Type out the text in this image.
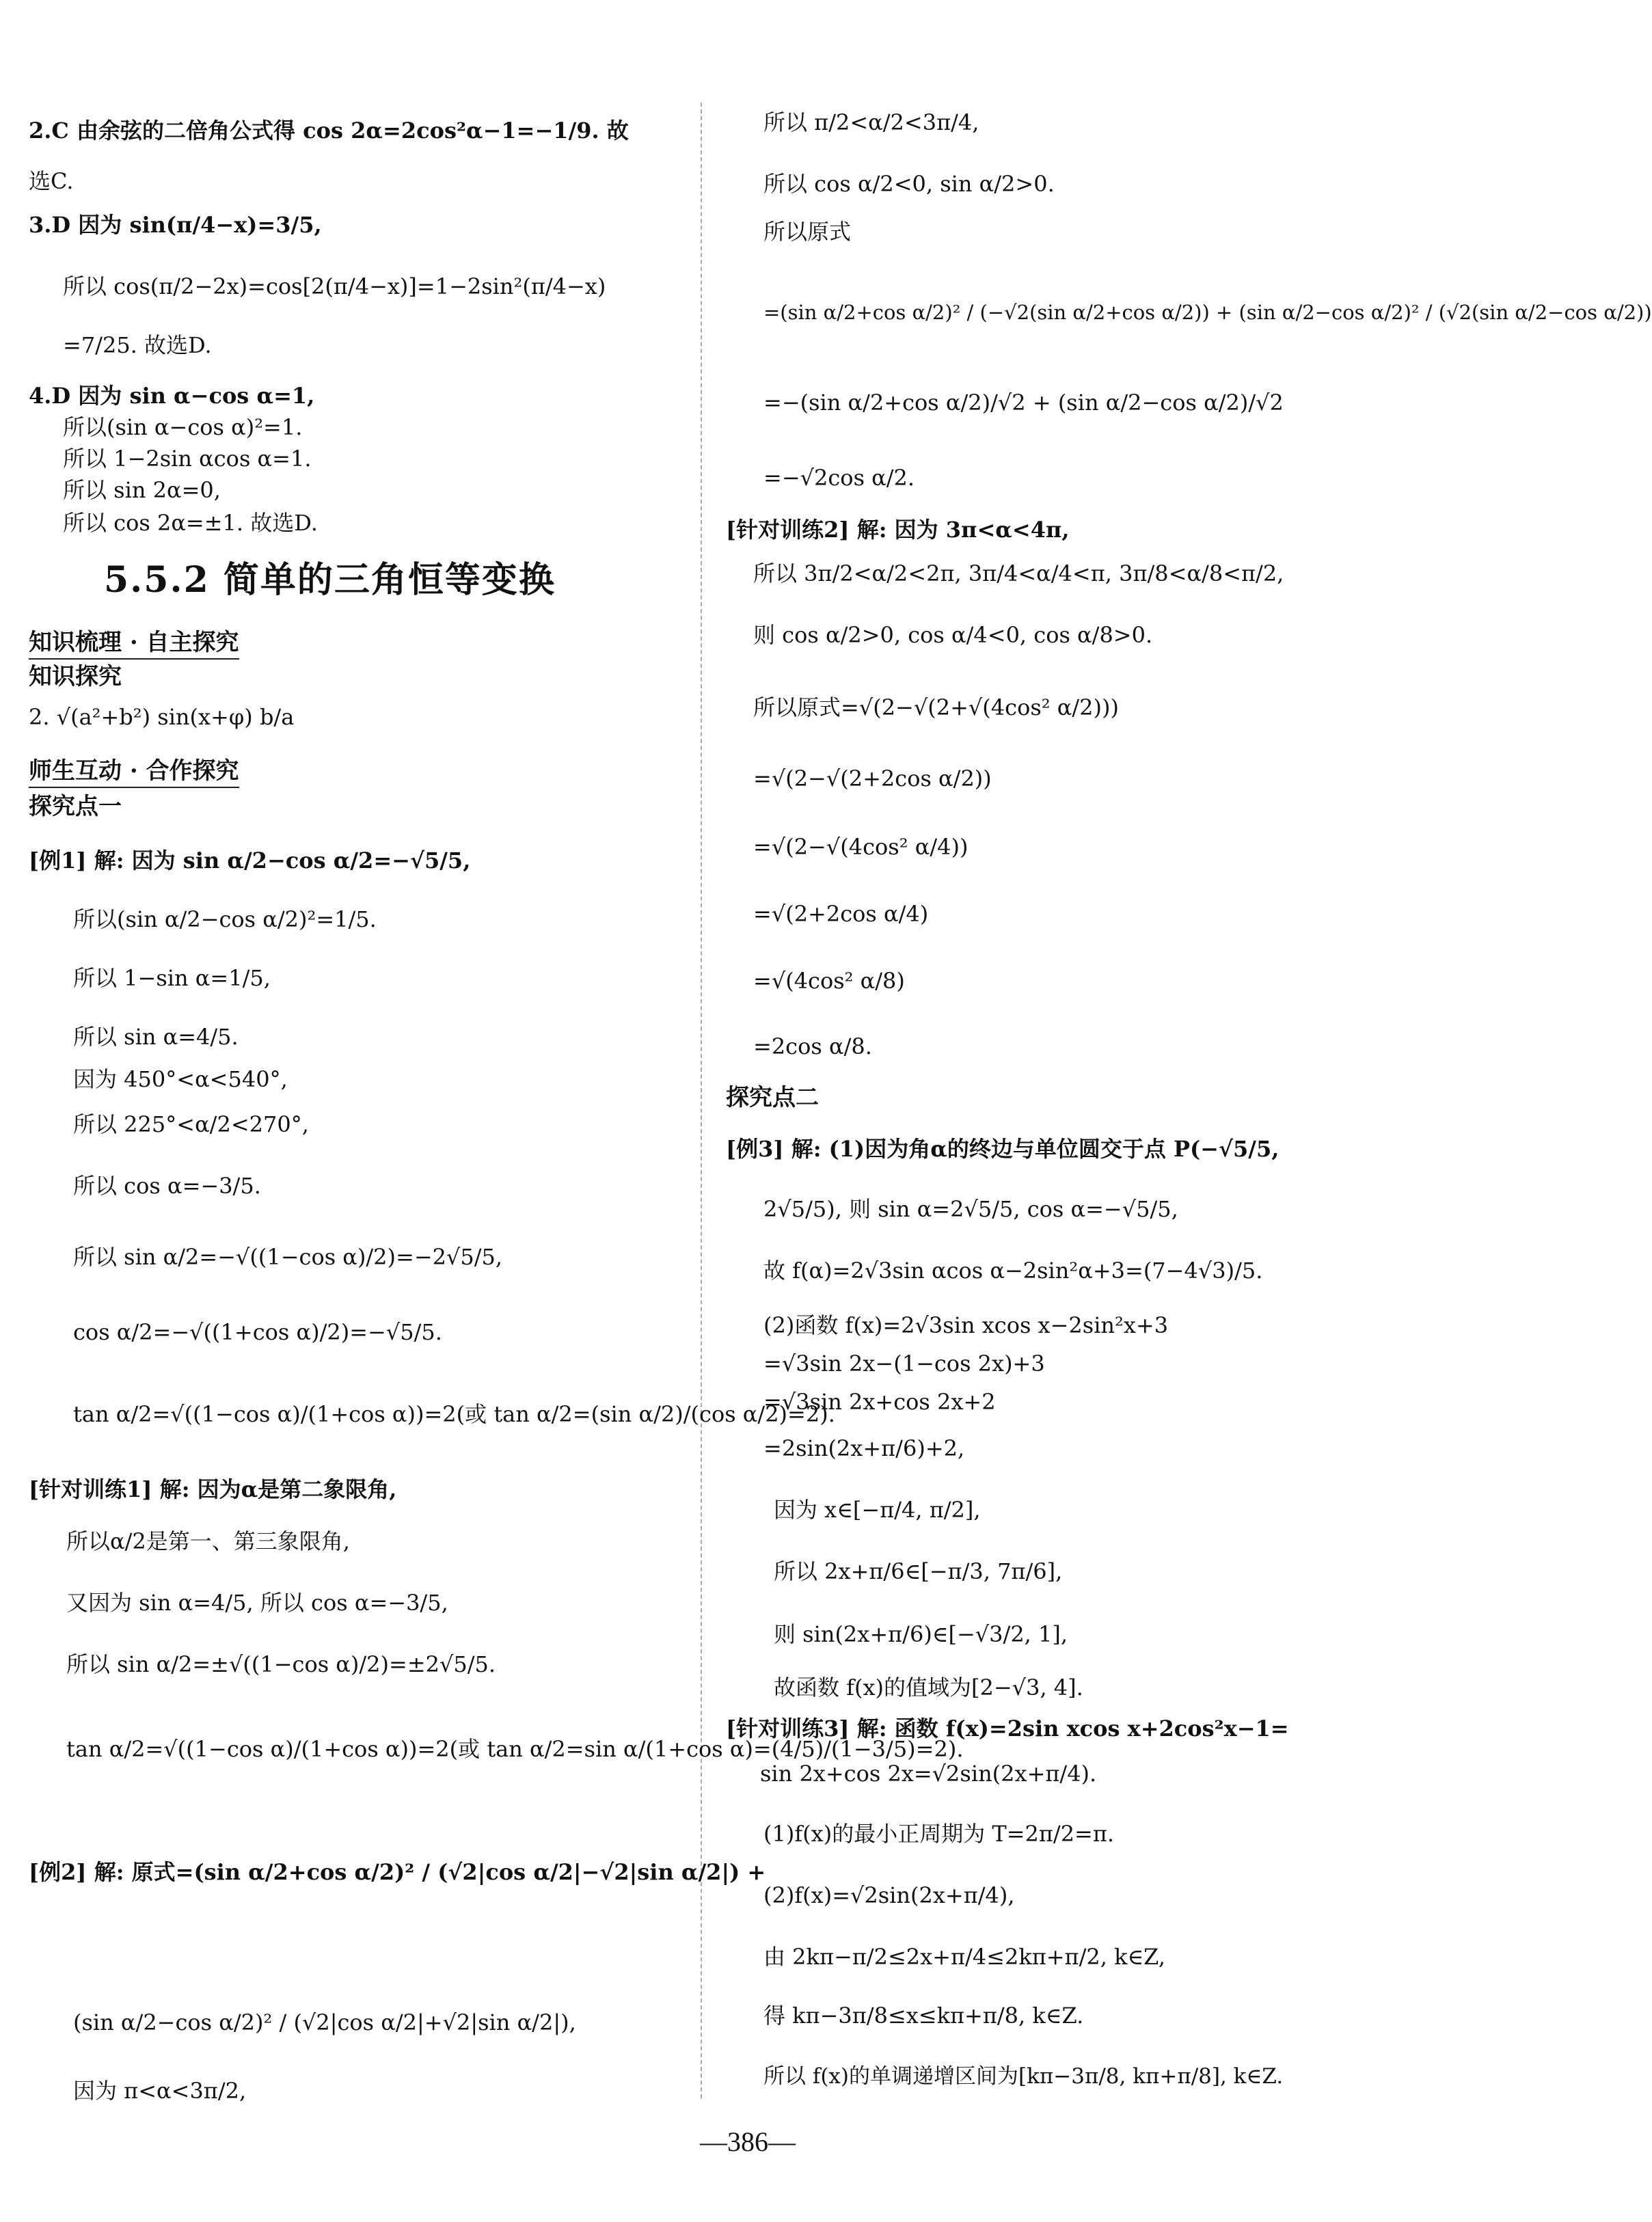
2.C 由余弦的二倍角公式得 cos 2α=2cos²α−1=−1/9. 故
选C.
3.D 因为 sin(π/4−x)=3/5,
所以 cos(π/2−2x)=cos[2(π/4−x)]=1−2sin²(π/4−x)
=7/25. 故选D.
4.D 因为 sin α−cos α=1,
所以(sin α−cos α)²=1.
所以 1−2sin αcos α=1.
所以 sin 2α=0,
所以 cos 2α=±1. 故选D.
5.5.2 简单的三角恒等变换
知识梳理 · 自主探究
知识探究
2. √(a²+b²) sin(x+φ) b/a
师生互动 · 合作探究
探究点一
[例1] 解: 因为 sin α/2−cos α/2=−√5/5,
所以(sin α/2−cos α/2)²=1/5.
所以 1−sin α=1/5,
所以 sin α=4/5.
因为 450°<α<540°,
所以 225°<α/2<270°,
所以 cos α=−3/5.
所以 sin α/2=−√((1−cos α)/2)=−2√5/5,
cos α/2=−√((1+cos α)/2)=−√5/5.
tan α/2=√((1−cos α)/(1+cos α))=2(或 tan α/2=(sin α/2)/(cos α/2)=2).
[针对训练1] 解: 因为α是第二象限角,
所以α/2是第一、第三象限角,
又因为 sin α=4/5, 所以 cos α=−3/5,
所以 sin α/2=±√((1−cos α)/2)=±2√5/5.
tan α/2=√((1−cos α)/(1+cos α))=2(或 tan α/2=sin α/(1+cos α)=(4/5)/(1−3/5)=2).
[例2] 解: 原式=(sin α/2+cos α/2)² / (√2|cos α/2|−√2|sin α/2|) +
(sin α/2−cos α/2)² / (√2|cos α/2|+√2|sin α/2|),
因为 π<α<3π/2,
所以 π/2<α/2<3π/4,
所以 cos α/2<0, sin α/2>0.
所以原式
=(sin α/2+cos α/2)² / (−√2(sin α/2+cos α/2)) + (sin α/2−cos α/2)² / (√2(sin α/2−cos α/2))
=−(sin α/2+cos α/2)/√2 + (sin α/2−cos α/2)/√2
=−√2cos α/2.
[针对训练2] 解: 因为 3π<α<4π,
所以 3π/2<α/2<2π, 3π/4<α/4<π, 3π/8<α/8<π/2,
则 cos α/2>0, cos α/4<0, cos α/8>0.
所以原式=√(2−√(2+√(4cos² α/2)))
=√(2−√(2+2cos α/2))
=√(2−√(4cos² α/4))
=√(2+2cos α/4)
=√(4cos² α/8)
=2cos α/8.
探究点二
[例3] 解: (1)因为角α的终边与单位圆交于点 P(−√5/5,
2√5/5), 则 sin α=2√5/5, cos α=−√5/5,
故 f(α)=2√3sin αcos α−2sin²α+3=(7−4√3)/5.
(2)函数 f(x)=2√3sin xcos x−2sin²x+3
=√3sin 2x−(1−cos 2x)+3
=√3sin 2x+cos 2x+2
=2sin(2x+π/6)+2,
因为 x∈[−π/4, π/2],
所以 2x+π/6∈[−π/3, 7π/6],
则 sin(2x+π/6)∈[−√3/2, 1],
故函数 f(x)的值域为[2−√3, 4].
[针对训练3] 解: 函数 f(x)=2sin xcos x+2cos²x−1=
sin 2x+cos 2x=√2sin(2x+π/4).
(1)f(x)的最小正周期为 T=2π/2=π.
(2)f(x)=√2sin(2x+π/4),
由 2kπ−π/2≤2x+π/4≤2kπ+π/2, k∈Z,
得 kπ−3π/8≤x≤kπ+π/8, k∈Z.
所以 f(x)的单调递增区间为[kπ−3π/8, kπ+π/8], k∈Z.
—386—
